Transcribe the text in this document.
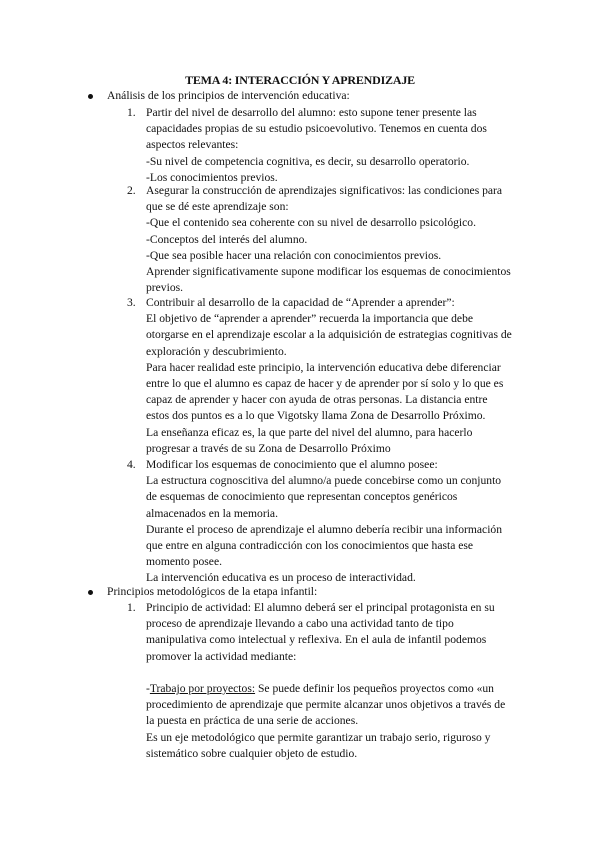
TEMA 4: INTERACCIÓN Y APRENDIZAJE
Análisis de los principios de intervención educativa:
1. Partir del nivel de desarrollo del alumno: esto supone tener presente las
capacidades propias de su estudio psicoevolutivo. Tenemos en cuenta dos
aspectos relevantes:
-Su nivel de competencia cognitiva, es decir, su desarrollo operatorio.
-Los conocimientos previos.
2. Asegurar la construcción de aprendizajes significativos: las condiciones para
que se dé este aprendizaje son:
-Que el contenido sea coherente con su nivel de desarrollo psicológico.
-Conceptos del interés del alumno.
-Que sea posible hacer una relación con conocimientos previos.
Aprender significativamente supone modificar los esquemas de conocimientos
previos.
3. Contribuir al desarrollo de la capacidad de “Aprender a aprender”:
El objetivo de “aprender a aprender” recuerda la importancia que debe
otorgarse en el aprendizaje escolar a la adquisición de estrategias cognitivas de
exploración y descubrimiento.
Para hacer realidad este principio, la intervención educativa debe diferenciar
entre lo que el alumno es capaz de hacer y de aprender por sí solo y lo que es
capaz de aprender y hacer con ayuda de otras personas. La distancia entre
estos dos puntos es a lo que Vigotsky llama Zona de Desarrollo Próximo.
La enseñanza eficaz es, la que parte del nivel del alumno, para hacerlo
progresar a través de su Zona de Desarrollo Próximo
4. Modificar los esquemas de conocimiento que el alumno posee:
La estructura cognoscitiva del alumno/a puede concebirse como un conjunto
de esquemas de conocimiento que representan conceptos genéricos
almacenados en la memoria.
Durante el proceso de aprendizaje el alumno debería recibir una información
que entre en alguna contradicción con los conocimientos que hasta ese
momento posee.
La intervención educativa es un proceso de interactividad.
Principios metodológicos de la etapa infantil:
1. Principio de actividad: El alumno deberá ser el principal protagonista en su
proceso de aprendizaje llevando a cabo una actividad tanto de tipo
manipulativa como intelectual y reflexiva. En el aula de infantil podemos
promover la actividad mediante:
-Trabajo por proyectos: Se puede definir los pequeños proyectos como «un
procedimiento de aprendizaje que permite alcanzar unos objetivos a través de
la puesta en práctica de una serie de acciones.
Es un eje metodológico que permite garantizar un trabajo serio, riguroso y
sistemático sobre cualquier objeto de estudio.
